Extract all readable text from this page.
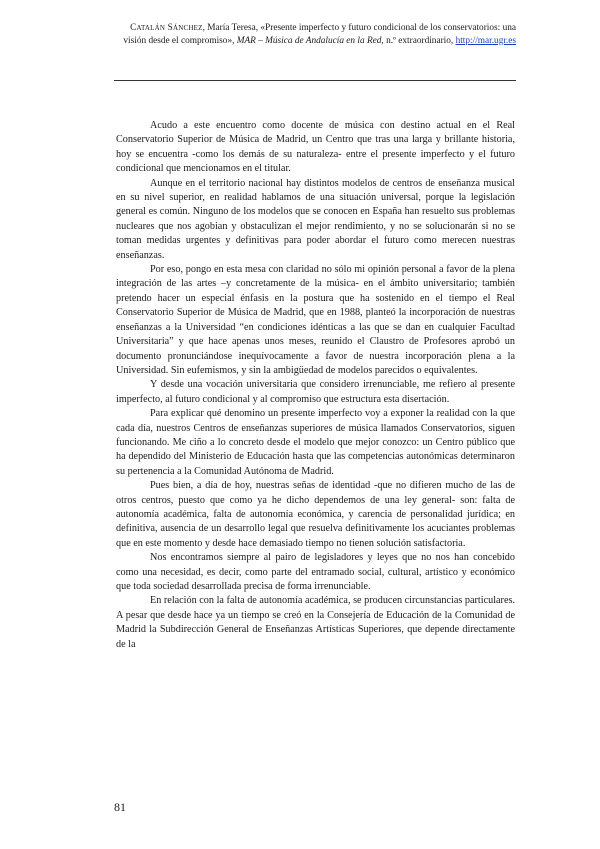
Catalán Sánchez, María Teresa, «Presente imperfecto y futuro condicional de los conservatorios: una visión desde el compromiso», MAR – Música de Andalucía en la Red, n.º extraordinario, http://mar.ugr.es

Acudo a este encuentro como docente de música con destino actual en el Real Conservatorio Superior de Música de Madrid, un Centro que tras una larga y brillante historia, hoy se encuentra -como los demás de su naturaleza- entre el presente imperfecto y el futuro condicional que mencionamos en el titular.

Aunque en el territorio nacional hay distintos modelos de centros de enseñanza musical en su nivel superior, en realidad hablamos de una situación universal, porque la legislación general es común. Ninguno de los modelos que se conocen en España han resuelto sus problemas nucleares que nos agobian y obstaculizan el mejor rendimiento, y no se solucionarán si no se toman medidas urgentes y definitivas para poder abordar el futuro como merecen nuestras enseñanzas.

Por eso, pongo en esta mesa con claridad no sólo mi opinión personal a favor de la plena integración de las artes –y concretamente de la música- en el ámbito universitario; también pretendo hacer un especial énfasis en la postura que ha sostenido en el tiempo el Real Conservatorio Superior de Música de Madrid, que en 1988, planteó la incorporación de nuestras enseñanzas a la Universidad “en condiciones idénticas a las que se dan en cualquier Facultad Universitaria” y que hace apenas unos meses, reunido el Claustro de Profesores aprobó un documento pronunciándose inequívocamente a favor de nuestra incorporación plena a la Universidad. Sin eufemismos, y sin la ambigüedad de modelos parecidos o equivalentes.

Y desde una vocación universitaria que considero irrenunciable, me refiero al presente imperfecto, al futuro condicional y al compromiso que estructura esta disertación.

Para explicar qué denomino un presente imperfecto voy a exponer la realidad con la que cada día, nuestros Centros de enseñanzas superiores de música llamados Conservatorios, siguen funcionando. Me ciño a lo concreto desde el modelo que mejor conozco: un Centro público que ha dependido del Ministerio de Educación hasta que las competencias autonómicas determinaron su pertenencia a la Comunidad Autónoma de Madrid.

Pues bien, a día de hoy, nuestras señas de identidad -que no difieren mucho de las de otros centros, puesto que como ya he dicho dependemos de una ley general- son: falta de autonomía académica, falta de autonomía económica, y carencia de personalidad jurídica; en definitiva, ausencia de un desarrollo legal que resuelva definitivamente los acuciantes problemas que en este momento y desde hace demasiado tiempo no tienen solución satisfactoria.

Nos encontramos siempre al pairo de legisladores y leyes que no nos han concebido como una necesidad, es decir, como parte del entramado social, cultural, artístico y económico que toda sociedad desarrollada precisa de forma irrenunciable.

En relación con la falta de autonomía académica, se producen circunstancias particulares. A pesar que desde hace ya un tiempo se creó en la Consejería de Educación de la Comunidad de Madrid la Subdirección General de Enseñanzas Artísticas Superiores, que depende directamente de la

81
